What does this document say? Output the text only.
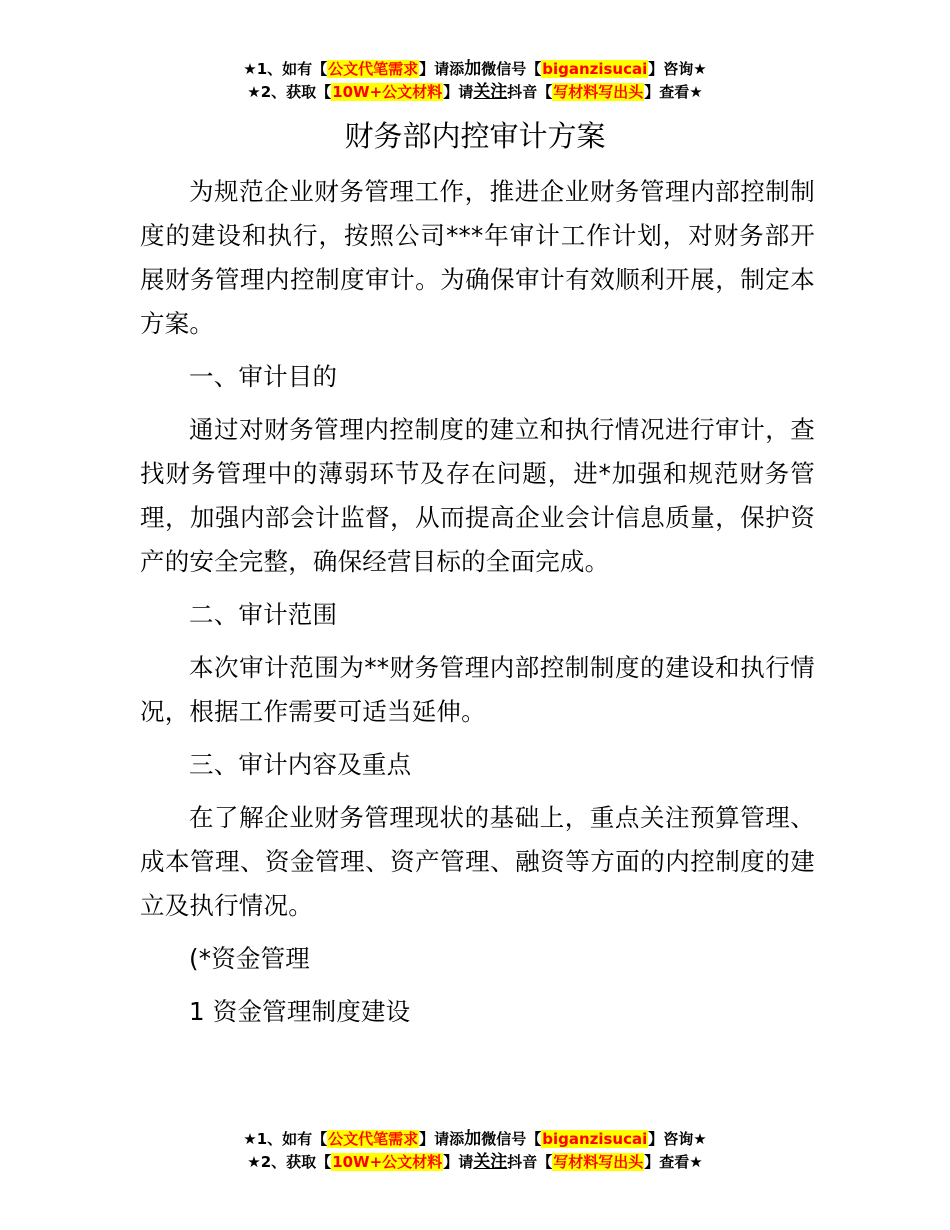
★1、如有【公文代笔需求】请添加微信号【biganzisucai】咨询★
★2、获取【10W+公文材料】请关注抖音【写材料写出头】查看★
财务部内控审计方案

为规范企业财务管理工作，推进企业财务管理内部控制制度的建设和执行，按照公司***年审计工作计划，对财务部开展财务管理内控制度审计。为确保审计有效顺利开展，制定本方案。

一、审计目的

通过对财务管理内控制度的建立和执行情况进行审计，查找财务管理中的薄弱环节及存在问题，进*加强和规范财务管理，加强内部会计监督，从而提高企业会计信息质量，保护资产的安全完整，确保经营目标的全面完成。

二、审计范围

本次审计范围为**财务管理内部控制制度的建设和执行情况，根据工作需要可适当延伸。

三、审计内容及重点

在了解企业财务管理现状的基础上，重点关注预算管理、成本管理、资金管理、资产管理、融资等方面的内控制度的建立及执行情况。

(*资金管理

1 资金管理制度建设

★1、如有【公文代笔需求】请添加微信号【biganzisucai】咨询★
★2、获取【10W+公文材料】请关注抖音【写材料写出头】查看★
